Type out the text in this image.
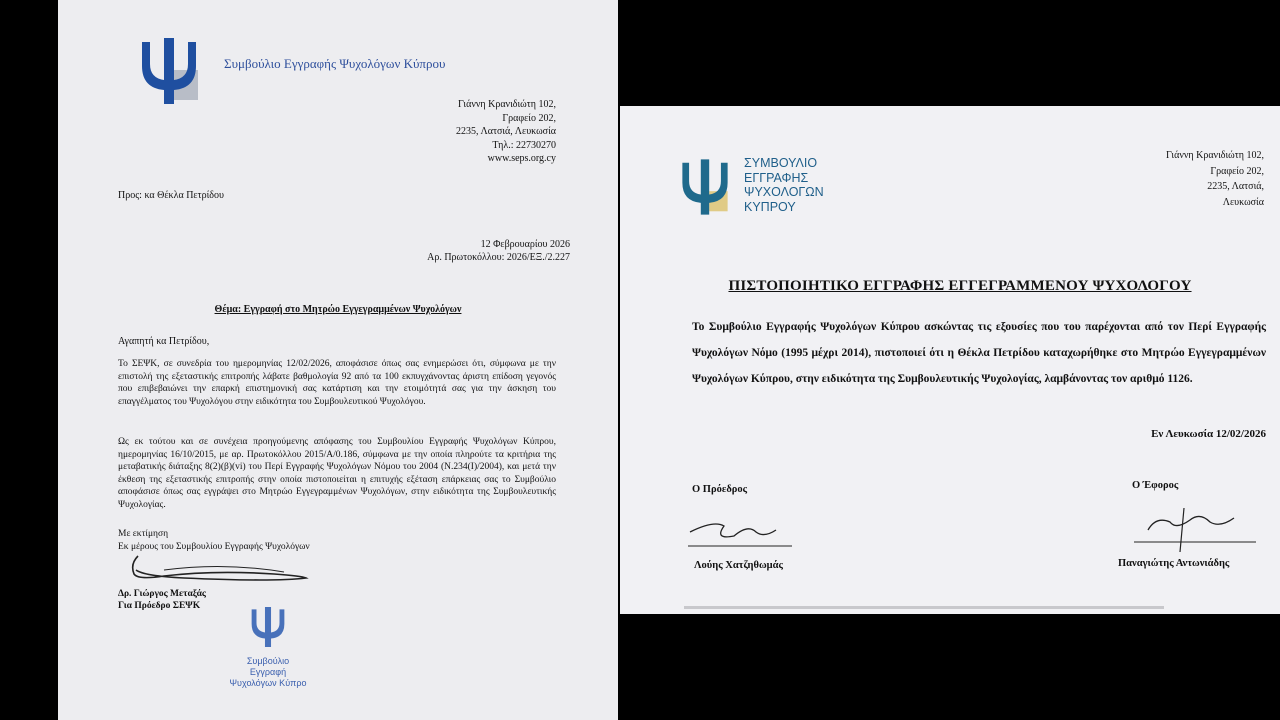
Συμβούλιο Εγγραφής Ψυχολόγων Κύπρου
Γιάννη Κρανιδιώτη 102,
Γραφείο 202,
2235, Λατσιά, Λευκωσία
Τηλ.: 22730270
www.seps.org.cy
Προς: κα Θέκλα Πετρίδου
12 Φεβρουαρίου 2026
Αρ. Πρωτοκόλλου: 2026/ΕΞ./2.227
Θέμα: Εγγραφή στο Μητρώο Εγγεγραμμένων Ψυχολόγων
Αγαπητή κα Πετρίδου,

Το ΣΕΨΚ, σε συνεδρία του ημερομηνίας 12/02/2026, αποφάσισε όπως σας ενημερώσει ότι, σύμφωνα με την επιστολή της εξεταστικής επιτροπής λάβατε βαθμολογία 92 από τα 100 εκπυγχάνοντας άριστη επίδοση γεγονός που επιβεβαιώνει την επαρκή επιστημονική σας κατάρτιση και την ετοιμότητά σας για την άσκηση του επαγγέλματος του Ψυχολόγου στην ειδικότητα του Συμβουλευτικού Ψυχολόγου.

Ως εκ τούτου και σε συνέχεια προηγούμενης απόφασης του Συμβουλίου Εγγραφής Ψυχολόγων Κύπρου, ημερομηνίας 16/10/2015, με αρ. Πρωτοκόλλου 2015/Α/0.186, σύμφωνα με την οποία πληρούτε τα κριτήρια της μεταβατικής διάταξης 8(2)(β)(vi) του Περί Εγγραφής Ψυχολόγων Νόμου του 2004 (Ν.234(Ι)/2004), και μετά την έκθεση της εξεταστικής επιτροπής στην οποία πιστοποιείται η επιτυχής εξέταση επάρκειας σας το Συμβούλιο αποφάσισε όπως σας εγγράψει στο Μητρώο Εγγεγραμμένων Ψυχολόγων, στην ειδικότητα της Συμβουλευτικής Ψυχολογίας.

Με εκτίμηση
Εκ μέρους του Συμβουλίου Εγγραφής Ψυχολόγων
Δρ. Γιώργος Μεταξάς
Για Πρόεδρο ΣΕΨΚ
Συμβούλιο Εγγραφή
Ψυχολόγων Κύπρο
ΣΥΜΒΟΥΛΙΟ
ΕΓΓΡΑΦΗΣ
ΨΥΧΟΛΟΓΩΝ
ΚΥΠΡΟΥ
Γιάννη Κρανιδιώτη 102,
Γραφείο 202,
2235, Λατσιά,
Λευκωσία
ΠΙΣΤΟΠΟΙΗΤΙΚΟ ΕΓΓΡΑΦΗΣ ΕΓΓΕΓΡΑΜΜΕΝΟΥ ΨΥΧΟΛΟΓΟΥ

Το Συμβούλιο Εγγραφής Ψυχολόγων Κύπρου ασκώντας τις εξουσίες που του παρέχονται από τον Περί Εγγραφής Ψυχολόγων Νόμο (1995 μέχρι 2014), πιστοποιεί ότι η Θέκλα Πετρίδου καταχωρήθηκε στο Μητρώο Εγγεγραμμένων Ψυχολόγων Κύπρου, στην ειδικότητα της Συμβουλευτικής Ψυχολογίας, λαμβάνοντας τον αριθμό 1126.

Εν Λευκωσία 12/02/2026
Ο Πρόεδρος
Λούης Χατζηθωμάς
Ο Έφορος
Παναγιώτης Αντωνιάδης
